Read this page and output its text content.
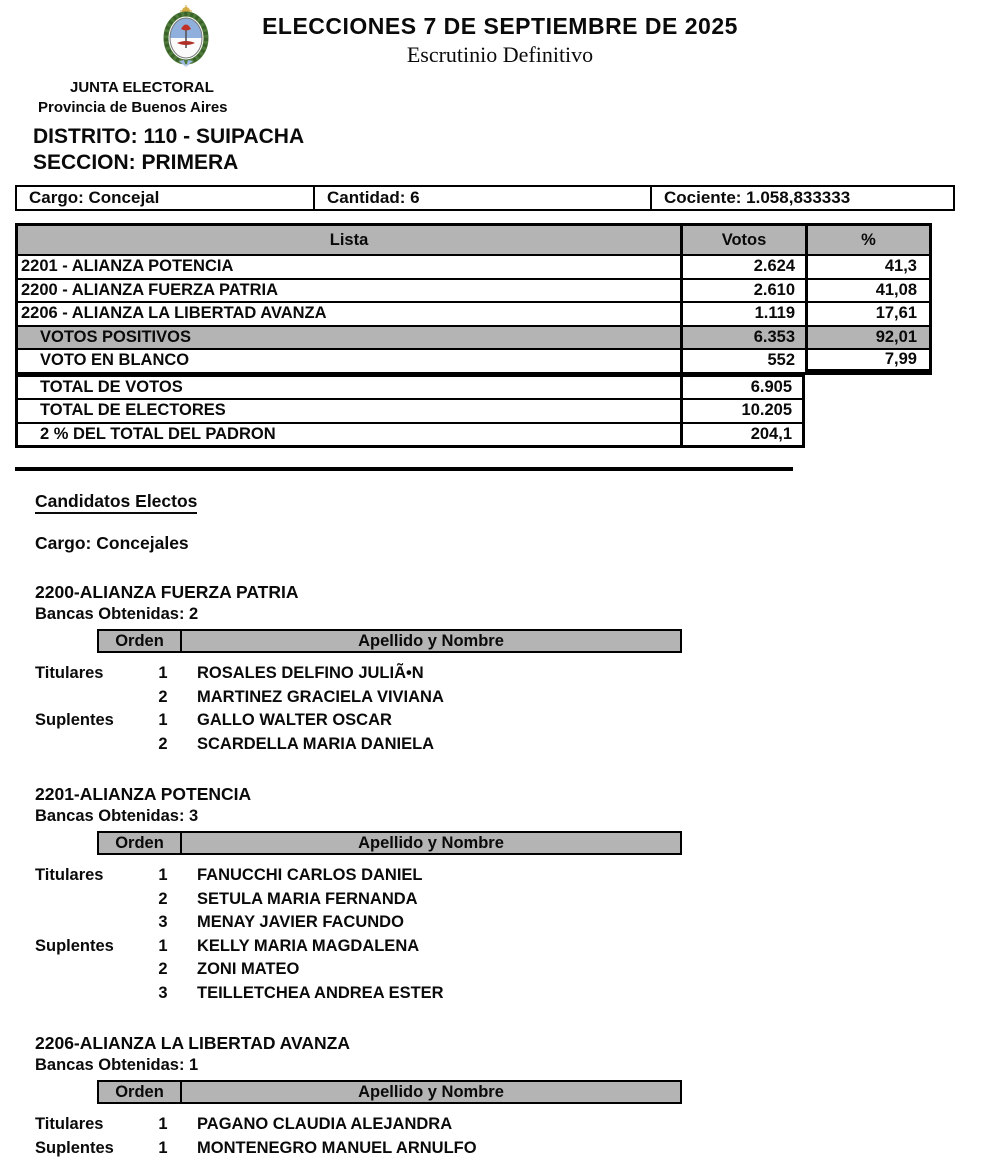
ELECCIONES 7 DE SEPTIEMBRE DE 2025
Escrutinio Definitivo
JUNTA ELECTORAL
Provincia de Buenos Aires
DISTRITO: 110 - SUIPACHA
SECCION: PRIMERA
Cargo: Concejal	Cantidad: 6	Cociente: 1.058,833333
Lista	Votos	%
2201 - ALIANZA POTENCIA	2.624	41,3
2200 - ALIANZA FUERZA PATRIA	2.610	41,08
2206 - ALIANZA LA LIBERTAD AVANZA	1.119	17,61
VOTOS POSITIVOS	6.353	92,01
VOTO EN BLANCO	552	7,99
TOTAL DE VOTOS	6.905
TOTAL DE ELECTORES	10.205
2 % DEL TOTAL DEL PADRON	204,1
Candidatos Electos
Cargo: Concejales
2200-ALIANZA FUERZA PATRIA
Bancas Obtenidas: 2
Orden	Apellido y Nombre
Titulares	1	ROSALES DELFINO JULIÃ•N
2	MARTINEZ GRACIELA VIVIANA
Suplentes	1	GALLO WALTER OSCAR
2	SCARDELLA MARIA DANIELA
2201-ALIANZA POTENCIA
Bancas Obtenidas: 3
Orden	Apellido y Nombre
Titulares	1	FANUCCHI CARLOS DANIEL
2	SETULA MARIA FERNANDA
3	MENAY JAVIER FACUNDO
Suplentes	1	KELLY MARIA MAGDALENA
2	ZONI MATEO
3	TEILLETCHEA ANDREA ESTER
2206-ALIANZA LA LIBERTAD AVANZA
Bancas Obtenidas: 1
Orden	Apellido y Nombre
Titulares	1	PAGANO CLAUDIA ALEJANDRA
Suplentes	1	MONTENEGRO MANUEL ARNULFO
